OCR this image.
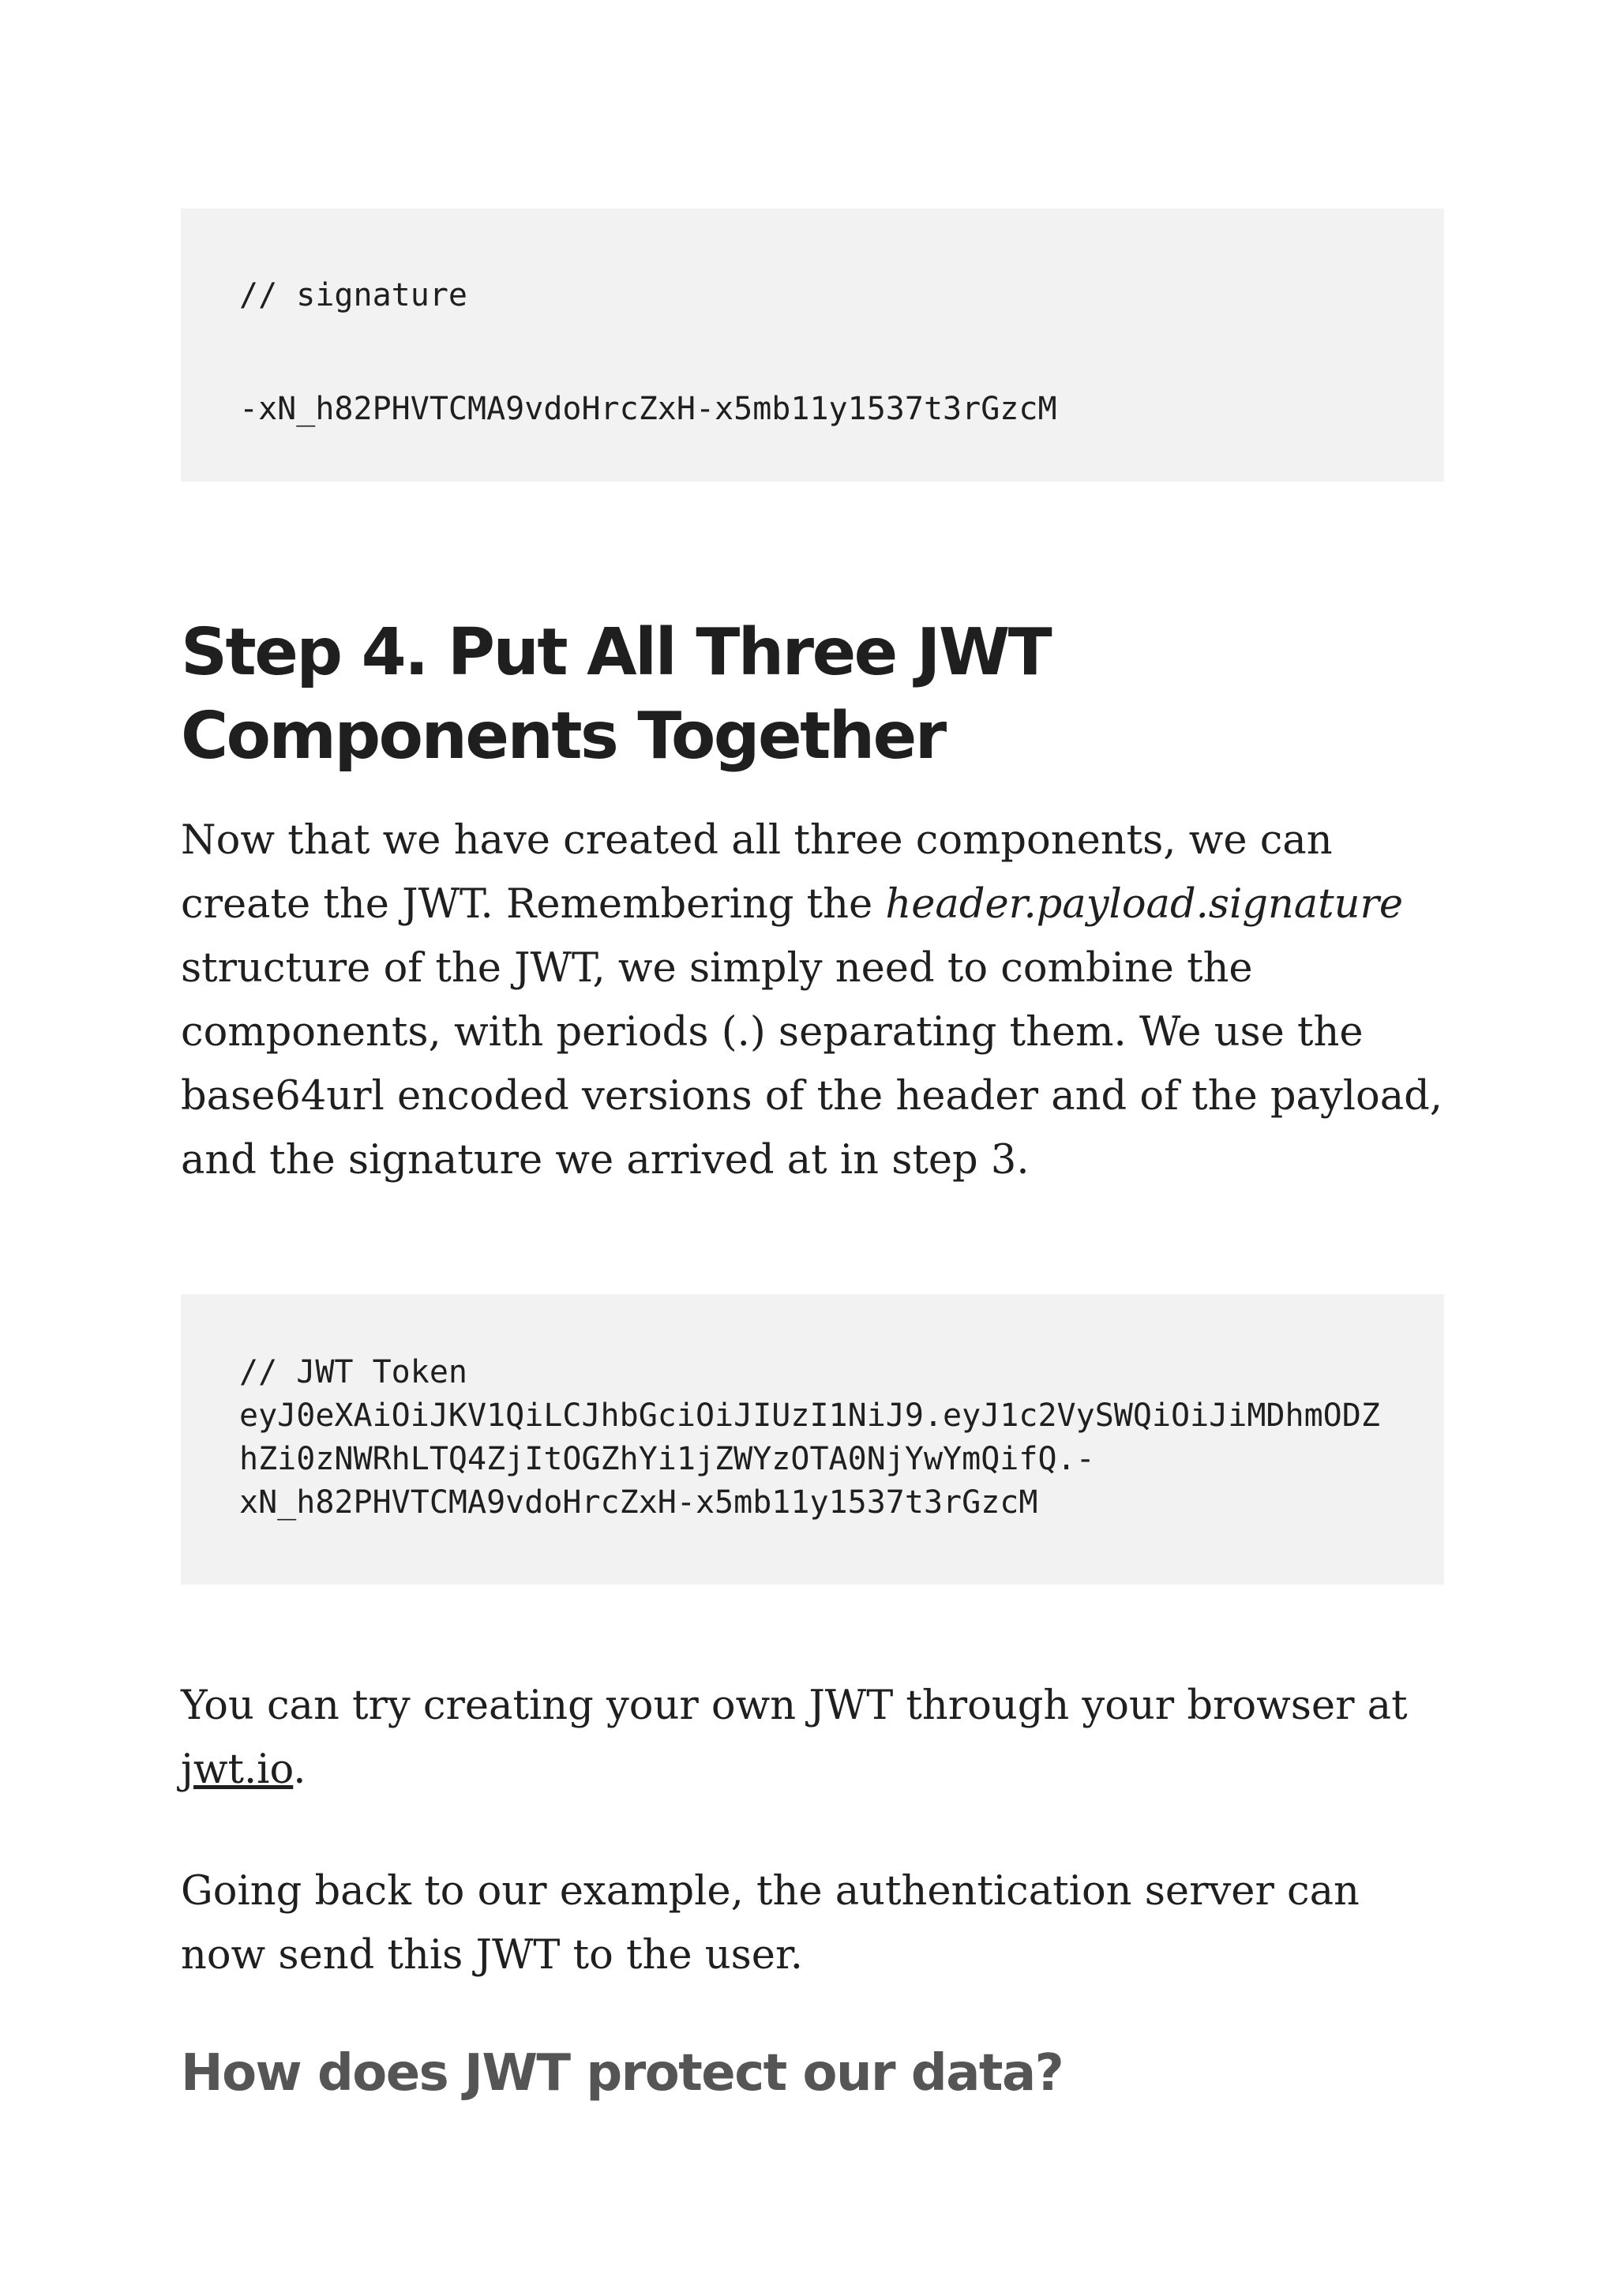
// signature

-xN_h82PHVTCMA9vdoHrcZxH-x5mb11y1537t3rGzcM
Step 4. Put All Three JWT Components Together

Now that we have created all three components, we can create the JWT. Remembering the header.payload.signature structure of the JWT, we simply need to combine the components, with periods (.) separating them. We use the base64url encoded versions of the header and of the payload, and the signature we arrived at in step 3.

// JWT Token
eyJ0eXAiOiJKV1QiLCJhbGciOiJIUzI1NiJ9.eyJ1c2VySWQiOiJiMDhmODZ
hZi0zNWRhLTQ4ZjItOGZhYi1jZWYzOTA0NjYwYmQifQ.-
xN_h82PHVTCMA9vdoHrcZxH-x5mb11y1537t3rGzcM

You can try creating your own JWT through your browser at jwt.io.

Going back to our example, the authentication server can now send this JWT to the user.

How does JWT protect our data?
